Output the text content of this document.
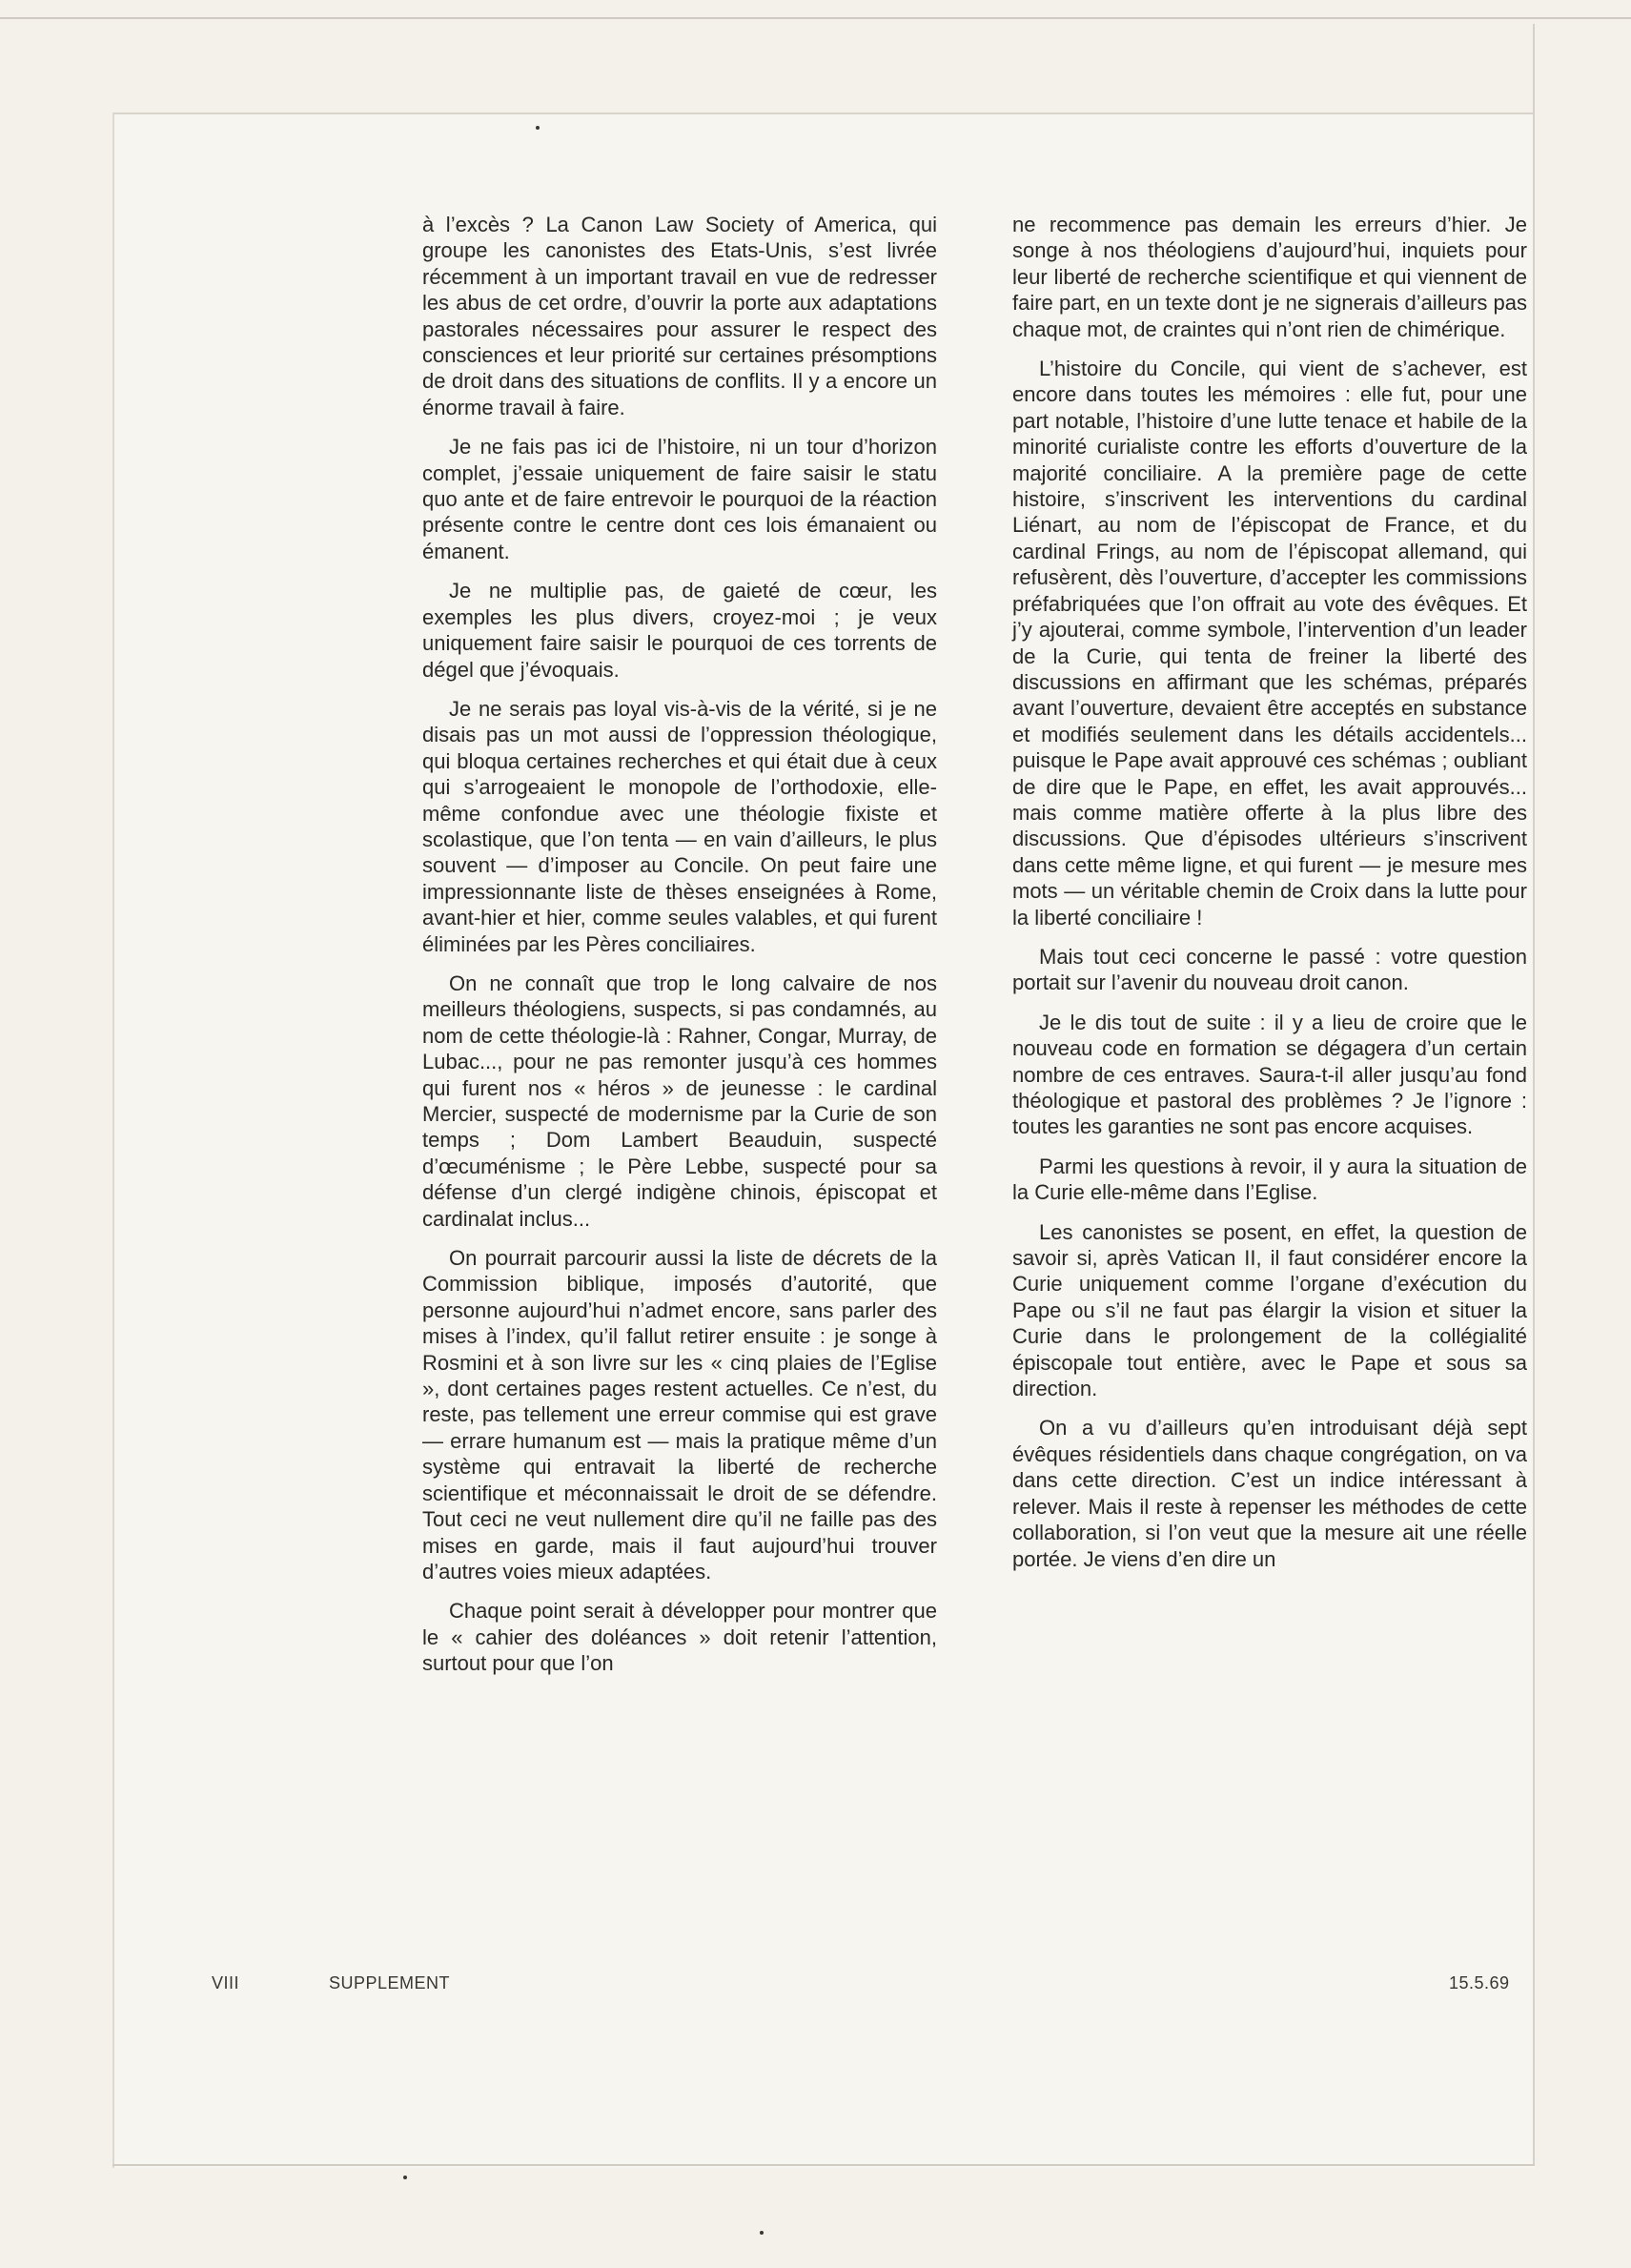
à l’excès ? La Canon Law Society of America, qui groupe les canonistes des Etats-Unis, s’est livrée récemment à un important travail en vue de redresser les abus de cet ordre, d’ouvrir la porte aux adaptations pastorales nécessaires pour assurer le respect des consciences et leur priorité sur certaines présomptions de droit dans des situations de conflits. Il y a encore un énorme travail à faire.

Je ne fais pas ici de l’histoire, ni un tour d’horizon complet, j’essaie uniquement de faire saisir le statu quo ante et de faire entrevoir le pourquoi de la réaction présente contre le centre dont ces lois émanaient ou émanent.

Je ne multiplie pas, de gaieté de cœur, les exemples les plus divers, croyez-moi ; je veux uniquement faire saisir le pourquoi de ces torrents de dégel que j’évoquais.

Je ne serais pas loyal vis-à-vis de la vérité, si je ne disais pas un mot aussi de l’oppression théologique, qui bloqua certaines recherches et qui était due à ceux qui s’arrogeaient le monopole de l’orthodoxie, elle-même confondue avec une théologie fixiste et scolastique, que l’on tenta — en vain d’ailleurs, le plus souvent — d’imposer au Concile. On peut faire une impressionnante liste de thèses enseignées à Rome, avant-hier et hier, comme seules valables, et qui furent éliminées par les Pères conciliaires.

On ne connaît que trop le long calvaire de nos meilleurs théologiens, suspects, si pas condamnés, au nom de cette théologie-là : Rahner, Congar, Murray, de Lubac..., pour ne pas remonter jusqu’à ces hommes qui furent nos « héros » de jeunesse : le cardinal Mercier, suspecté de modernisme par la Curie de son temps ; Dom Lambert Beauduin, suspecté d’œcuménisme ; le Père Lebbe, suspecté pour sa défense d’un clergé indigène chinois, épiscopat et cardinalat inclus...

On pourrait parcourir aussi la liste de décrets de la Commission biblique, imposés d’autorité, que personne aujourd’hui n’admet encore, sans parler des mises à l’index, qu’il fallut retirer ensuite : je songe à Rosmini et à son livre sur les « cinq plaies de l’Eglise », dont certaines pages restent actuelles. Ce n’est, du reste, pas tellement une erreur commise qui est grave — errare humanum est — mais la pratique même d’un système qui entravait la liberté de recherche scientifique et méconnaissait le droit de se défendre. Tout ceci ne veut nullement dire qu’il ne faille pas des mises en garde, mais il faut aujourd’hui trouver d’autres voies mieux adaptées.

Chaque point serait à développer pour montrer que le « cahier des doléances » doit retenir l’attention, surtout pour que l’on

ne recommence pas demain les erreurs d’hier. Je songe à nos théologiens d’aujourd’hui, inquiets pour leur liberté de recherche scientifique et qui viennent de faire part, en un texte dont je ne signerais d’ailleurs pas chaque mot, de craintes qui n’ont rien de chimérique.

L’histoire du Concile, qui vient de s’achever, est encore dans toutes les mémoires : elle fut, pour une part notable, l’histoire d’une lutte tenace et habile de la minorité curialiste contre les efforts d’ouverture de la majorité conciliaire. A la première page de cette histoire, s’inscrivent les interventions du cardinal Liénart, au nom de l’épiscopat de France, et du cardinal Frings, au nom de l’épiscopat allemand, qui refusèrent, dès l’ouverture, d’accepter les commissions préfabriquées que l’on offrait au vote des évêques. Et j’y ajouterai, comme symbole, l’intervention d’un leader de la Curie, qui tenta de freiner la liberté des discussions en affirmant que les schémas, préparés avant l’ouverture, devaient être acceptés en substance et modifiés seulement dans les détails accidentels... puisque le Pape avait approuvé ces schémas ; oubliant de dire que le Pape, en effet, les avait approuvés... mais comme matière offerte à la plus libre des discussions. Que d’épisodes ultérieurs s’inscrivent dans cette même ligne, et qui furent — je mesure mes mots — un véritable chemin de Croix dans la lutte pour la liberté conciliaire !

Mais tout ceci concerne le passé : votre question portait sur l’avenir du nouveau droit canon.

Je le dis tout de suite : il y a lieu de croire que le nouveau code en formation se dégagera d’un certain nombre de ces entraves. Saura-t-il aller jusqu’au fond théologique et pastoral des problèmes ? Je l’ignore : toutes les garanties ne sont pas encore acquises.

Parmi les questions à revoir, il y aura la situation de la Curie elle-même dans l’Eglise.

Les canonistes se posent, en effet, la question de savoir si, après Vatican II, il faut considérer encore la Curie uniquement comme l’organe d’exécution du Pape ou s’il ne faut pas élargir la vision et situer la Curie dans le prolongement de la collégialité épiscopale tout entière, avec le Pape et sous sa direction.

On a vu d’ailleurs qu’en introduisant déjà sept évêques résidentiels dans chaque congrégation, on va dans cette direction. C’est un indice intéressant à relever. Mais il reste à repenser les méthodes de cette collaboration, si l’on veut que la mesure ait une réelle portée. Je viens d’en dire un

VIII	SUPPLEMENT	15.5.69
